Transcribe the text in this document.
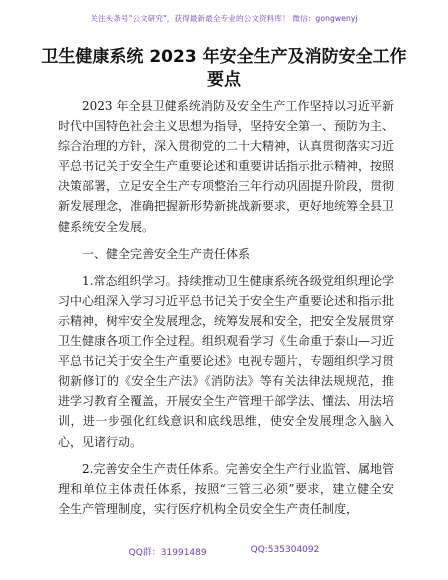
关注头条号"公文研究"，获得最新最全专业的公文资料库！ 微信：gongwenyj
卫生健康系统 2023 年安全生产及消防安全工作
要点

2023 年全县卫健系统消防及安全生产工作坚持以习近平新时代中国特色社会主义思想为指导，坚持安全第一、预防为主、综合治理的方针，深入贯彻党的二十大精神，认真贯彻落实习近平总书记关于安全生产重要论述和重要讲话指示批示精神，按照决策部署，立足安全生产专项整治三年行动巩固提升阶段，贯彻新发展理念，准确把握新形势新挑战新要求，更好地统筹全县卫健系统安全发展。

一、健全完善安全生产责任体系

1.常态组织学习。持续推动卫生健康系统各级党组织理论学习中心组深入学习习近平总书记关于安全生产重要论述和指示批示精神，树牢安全发展理念，统筹发展和安全，把安全发展贯穿卫生健康各项工作全过程。组织观看学习《生命重于泰山—习近平总书记关于安全生产重要论述》电视专题片，专题组织学习贯彻新修订的《安全生产法》《消防法》等有关法律法规规范，推进学习教育全覆盖，开展安全生产管理干部学法、懂法、用法培训，进一步强化红线意识和底线思维，使安全发展理念入脑入心，见诸行动。

2.完善安全生产责任体系。完善安全生产行业监管、属地管理和单位主体责任体系，按照“三管三必须”要求，建立健全安全生产管理制度，实行医疗机构全员安全生产责任制度，

QQ群：31991489	QQ:535304092
